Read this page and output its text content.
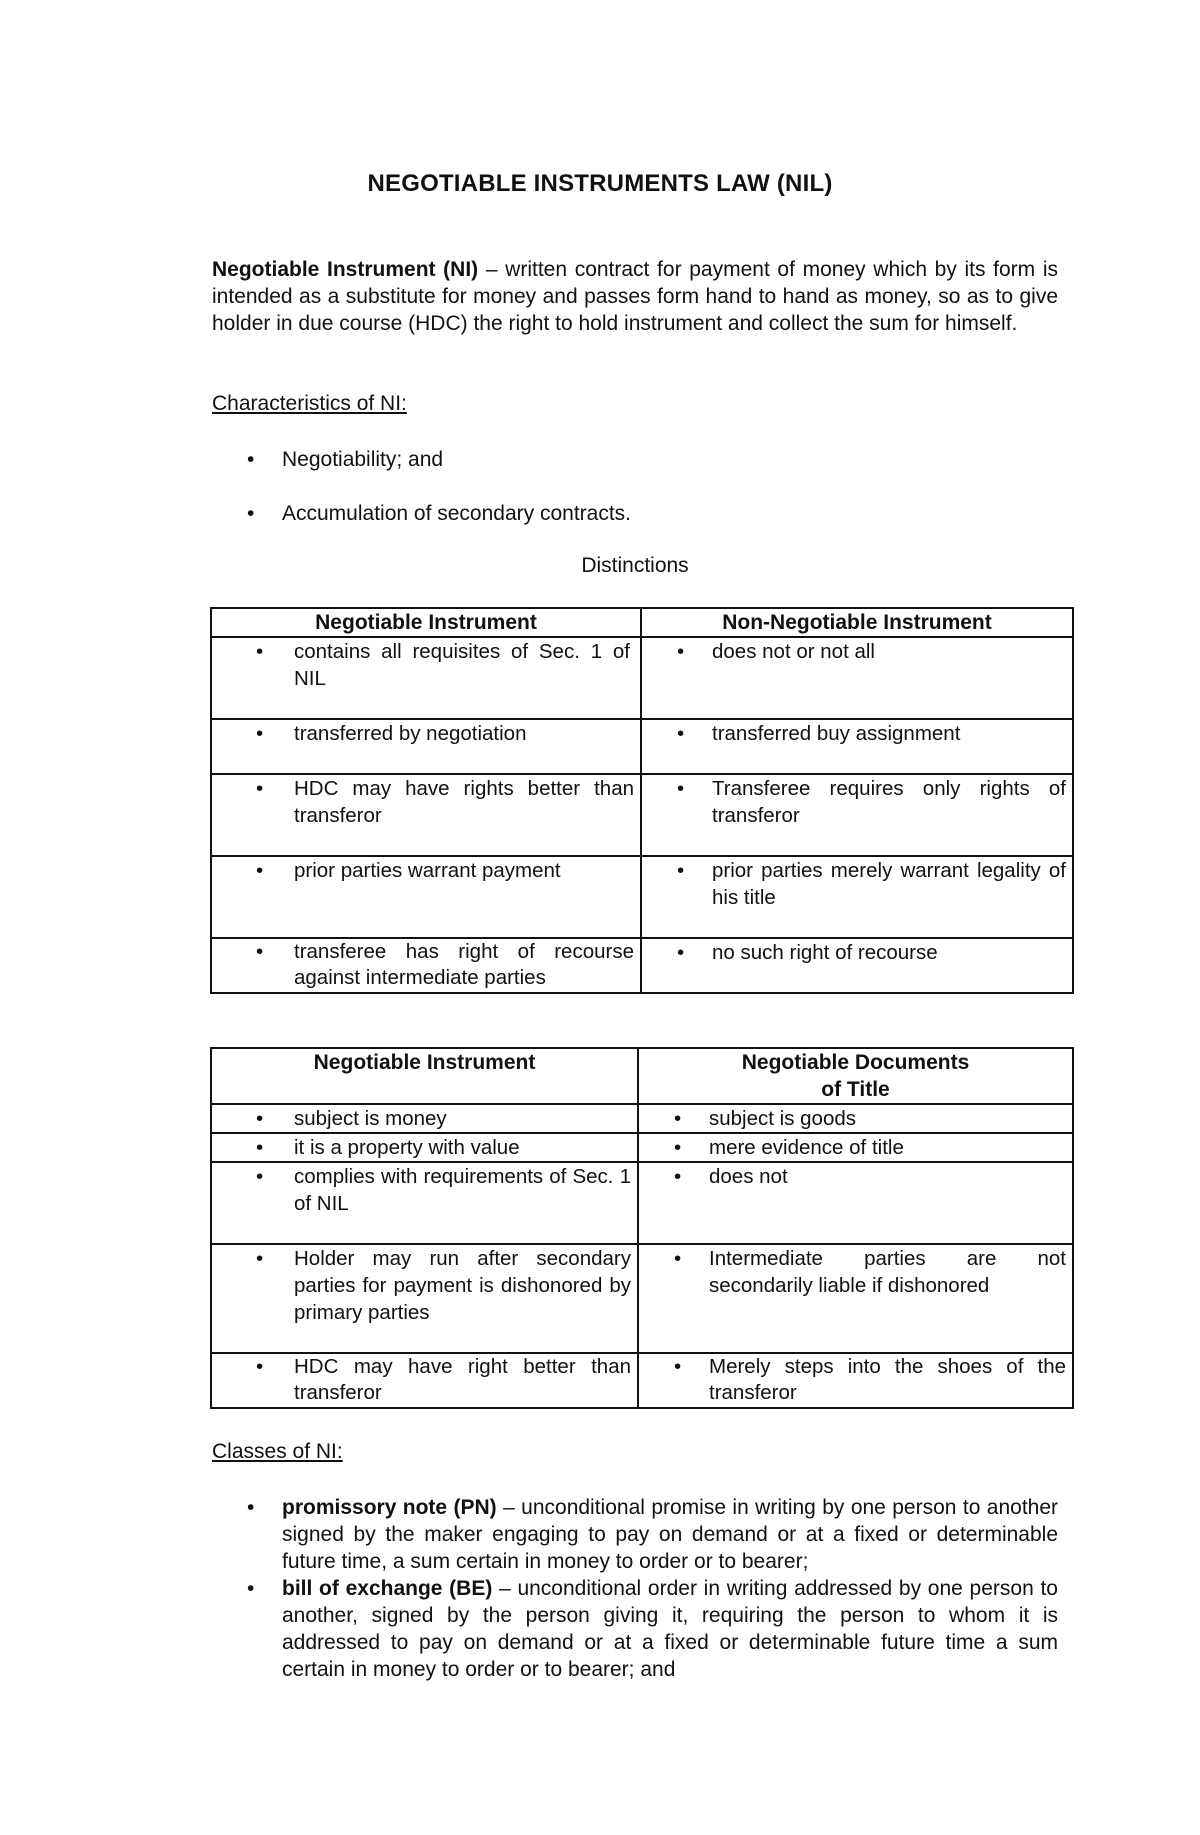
NEGOTIABLE INSTRUMENTS LAW (NIL)
Negotiable Instrument (NI) – written contract for payment of money which by its form is intended as a substitute for money and passes form hand to hand as money, so as to give holder in due course (HDC) the right to hold instrument and collect the sum for himself.
Characteristics of NI:
• Negotiability; and
• Accumulation of secondary contracts.
Distinctions
Negotiable Instrument	Non-Negotiable Instrument

• contains all requisites of Sec. 1 of NIL	• does not or not all

• transferred by negotiation	• transferred buy assignment

• HDC may have rights better than transferor	• Transferee requires only rights of transferor

• prior parties warrant payment	• prior parties merely warrant legality of his title

• transferee has right of recourse against intermediate parties	• no such right of recourse
Negotiable Instrument	Negotiable Documents of Title

• subject is money	• subject is goods

• it is a property with value	• mere evidence of title

• complies with requirements of Sec. 1 of NIL	• does not

• Holder may run after secondary parties for payment is dishonored by primary parties	• Intermediate parties are not secondarily liable if dishonored

• HDC may have right better than transferor	• Merely steps into the shoes of the transferor
Classes of NI:
• promissory note (PN) – unconditional promise in writing by one person to another signed by the maker engaging to pay on demand or at a fixed or determinable future time, a sum certain in money to order or to bearer;
• bill of exchange (BE) – unconditional order in writing addressed by one person to another, signed by the person giving it, requiring the person to whom it is addressed to pay on demand or at a fixed or determinable future time a sum certain in money to order or to bearer; and
